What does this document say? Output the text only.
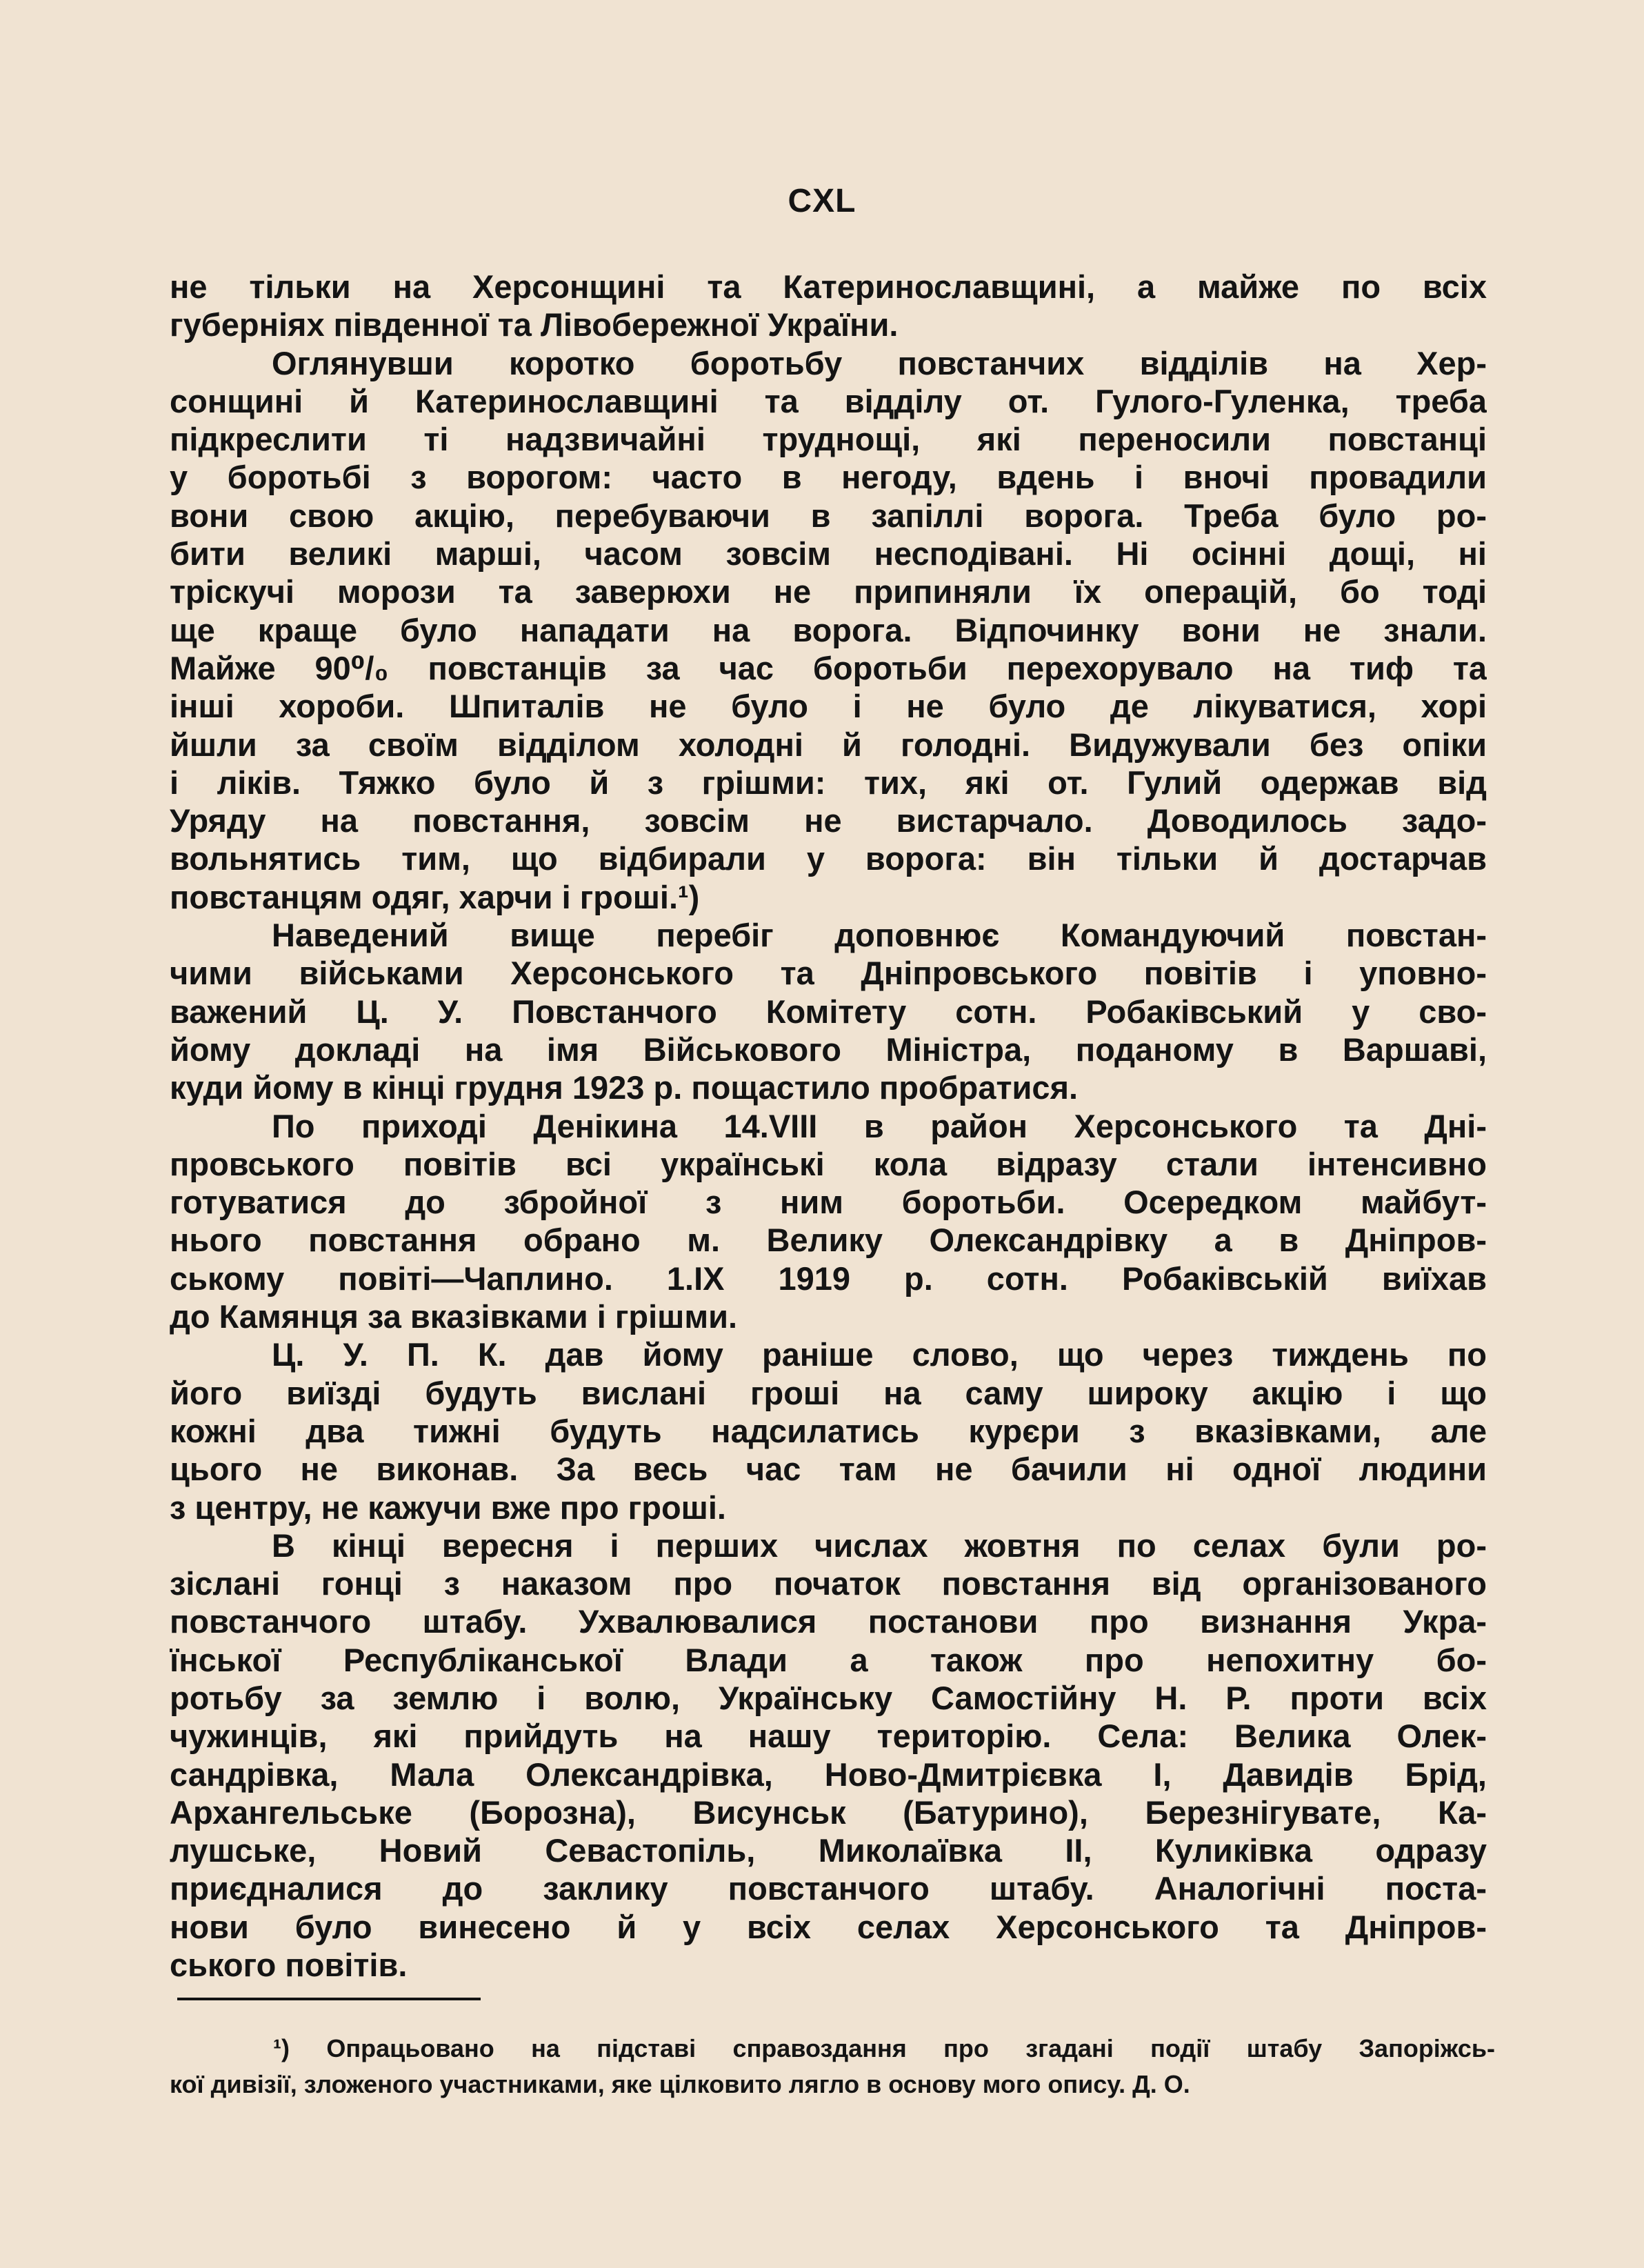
CXL
не тільки на Херсонщині та Катеринославщині, а майже по всіх
губерніях південної та Лівобережної України.
Оглянувши коротко боротьбу повстанчих відділів на Хер-
сонщині й Катеринославщині та відділу от. Гулого-Гуленка, треба
підкреслити ті надзвичайні труднощі, які переносили повстанці
у боротьбі з ворогом: часто в негоду, вдень і вночі провадили
вони свою акцію, перебуваючи в запіллі ворога. Треба було ро-
бити великі марші, часом зовсім несподівані. Ні осінні дощі, ні
тріскучі морози та заверюхи не припиняли їх операцій, бо тоді
ще краще було нападати на ворога. Відпочинку вони не знали.
Майже 90⁰/₀ повстанців за час боротьби перехорувало на тиф та
інші хороби. Шпиталів не було і не було де лікуватися, хорі
йшли за своїм відділом холодні й голодні. Видужували без опіки
і ліків. Тяжко було й з грішми: тих, які от. Гулий одержав від
Уряду на повстання, зовсім не вистарчало. Доводилось задо-
вольнятись тим, що відбирали у ворога: він тільки й достарчав
повстанцям одяг, харчи і гроші.¹)
Наведений вище перебіг доповнює Командуючий повстан-
чими військами Херсонського та Дніпровського повітів і уповно-
важений Ц. У. Повстанчого Комітету сотн. Робаківський у сво-
йому докладі на імя Військового Міністра, поданому в Варшаві,
куди йому в кінці грудня 1923 р. пощастило пробратися.
По приході Денікина 14.VIII в район Херсонського та Дні-
провського повітів всі українські кола відразу стали інтенсивно
готуватися до збройної з ним боротьби. Осередком майбут-
нього повстання обрано м. Велику Олександрівку а в Дніпров-
ському повіті—Чаплино. 1.IX 1919 р. сотн. Робаківській виїхав
до Камянця за вказівками і грішми.
Ц. У. П. К. дав йому раніше слово, що через тиждень по
його виїзді будуть вислані гроші на саму широку акцію і що
кожні два тижні будуть надсилатись курєри з вказівками, але
цього не виконав. За весь час там не бачили ні одної людини
з центру, не кажучи вже про гроші.
В кінці вересня і перших числах жовтня по селах були ро-
зіслані гонці з наказом про початок повстання від організованого
повстанчого штабу. Ухвалювалися постанови про визнання Укра-
їнської Республіканської Влади а також про непохитну бо-
ротьбу за землю і волю, Українську Самостійну Н. Р. проти всіх
чужинців, які прийдуть на нашу територію. Села: Велика Олек-
сандрівка, Мала Олександрівка, Ново-Дмитрієвка І, Давидів Брід,
Архангельське (Борозна), Висунськ (Батурино), Березнігувате, Ка-
лушське, Новий Севастопіль, Миколаївка ІІ, Куликівка одразу
приєдналися до заклику повстанчого штабу. Аналогічні поста-
нови було винесено й у всіх селах Херсонського та Дніпров-
ського повітів.
¹) Опрацьовано на підставі справоздання про згадані події штабу Запоріжсь-
кої дивізії, зложеного участниками, яке цілковито лягло в основу мого опису. Д. О.
